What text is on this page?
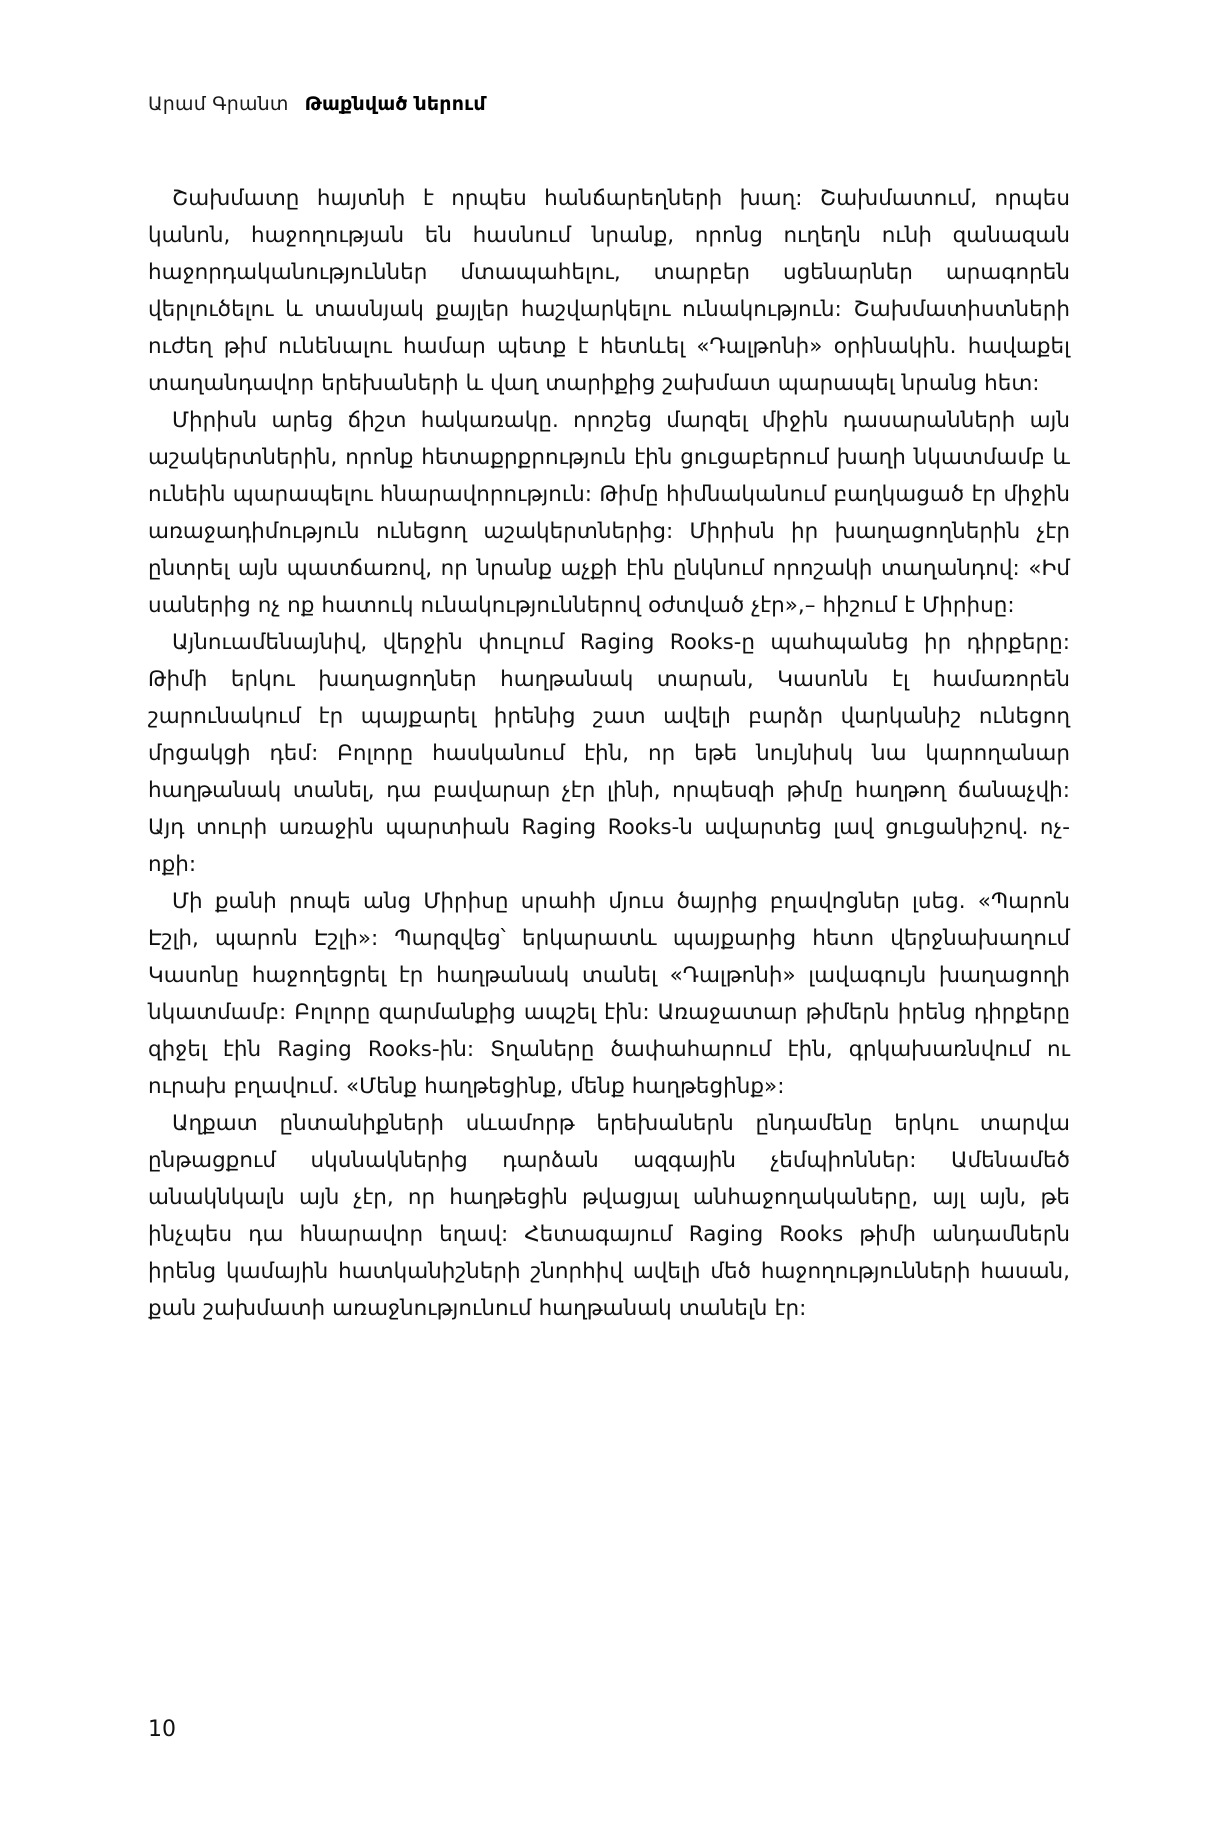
Արամ Գրանտ Թաքնված ներում

Շախմատը հայտնի է որպես հանճարեղների խաղ: Շախմատում, որպես կանոն, հաջողության են հասնում նրանք, որոնց ուղեղն ունի զանազան հաջորդականություններ մտապահելու, տարբեր սցենարներ արագորեն վերլուծելու և տասնյակ քայլեր հաշվարկելու ունակություն: Շախմատիստների ուժեղ թիմ ունենալու համար պետք է հետևել «Դալթոնի» օրինակին. հավաքել տաղանդավոր երեխաների և վաղ տարիքից շախմատ պարապել նրանց հետ:

Միրիսն արեց ճիշտ հակառակը. որոշեց մարզել միջին դասարանների այն աշակերտներին, որոնք հետաքրքրություն էին ցուցաբերում խաղի նկատմամբ և ունեին պարապելու հնարավորություն: Թիմը հիմնականում բաղկացած էր միջին առաջադիմություն ունեցող աշակերտներից: Միրիսն իր խաղացողներին չէր ընտրել այն պատճառով, որ նրանք աչքի էին ընկնում որոշակի տաղանդով: «Իմ սաներից ոչ ոք հատուկ ունակություններով օժտված չէր»,– հիշում է Միրիսը:

Այնուամենայնիվ, վերջին փուլում Raging Rooks-ը պահպանեց իր դիրքերը: Թիմի երկու խաղացողներ հաղթանակ տարան, Կասոնն էլ համառորեն շարունակում էր պայքարել իրենից շատ ավելի բարձր վարկանիշ ունեցող մրցակցի դեմ: Բոլորը հասկանում էին, որ եթե նույնիսկ նա կարողանար հաղթանակ տանել, դա բավարար չէր լինի, որպեսզի թիմը հաղթող ճանաչվի: Այդ տուրի առաջին պարտիան Raging Rooks-ն ավարտեց լավ ցուցանիշով. ոչ-ոքի:

Մի քանի րոպե անց Միրիսը սրահի մյուս ծայրից բղավոցներ լսեց. «Պարոն Էշլի, պարոն Էշլի»: Պարզվեց՝ երկարատև պայքարից հետո վերջնախաղում Կասոնը հաջողեցրել էր հաղթանակ տանել «Դալթոնի» լավագույն խաղացողի նկատմամբ: Բոլորը զարմանքից ապշել էին: Առաջատար թիմերն իրենց դիրքերը զիջել էին Raging Rooks-ին: Տղաները ծափահարում էին, գրկախառնվում ու ուրախ բղավում. «Մենք հաղթեցինք, մենք հաղթեցինք»:

Աղքատ ընտանիքների սևամորթ երեխաներն ընդամենը երկու տարվա ընթացքում սկսնակներից դարձան ազգային չեմպիոններ: Ամենամեծ անակնկալն այն չէր, որ հաղթեցին թվացյալ անհաջողակաները, այլ այն, թե ինչպես դա հնարավոր եղավ: Հետագայում Raging Rooks թիմի անդամներն իրենց կամային հատկանիշների շնորհիվ ավելի մեծ հաջողությունների հասան, քան շախմատի առաջնությունում հաղթանակ տանելն էր:

10
